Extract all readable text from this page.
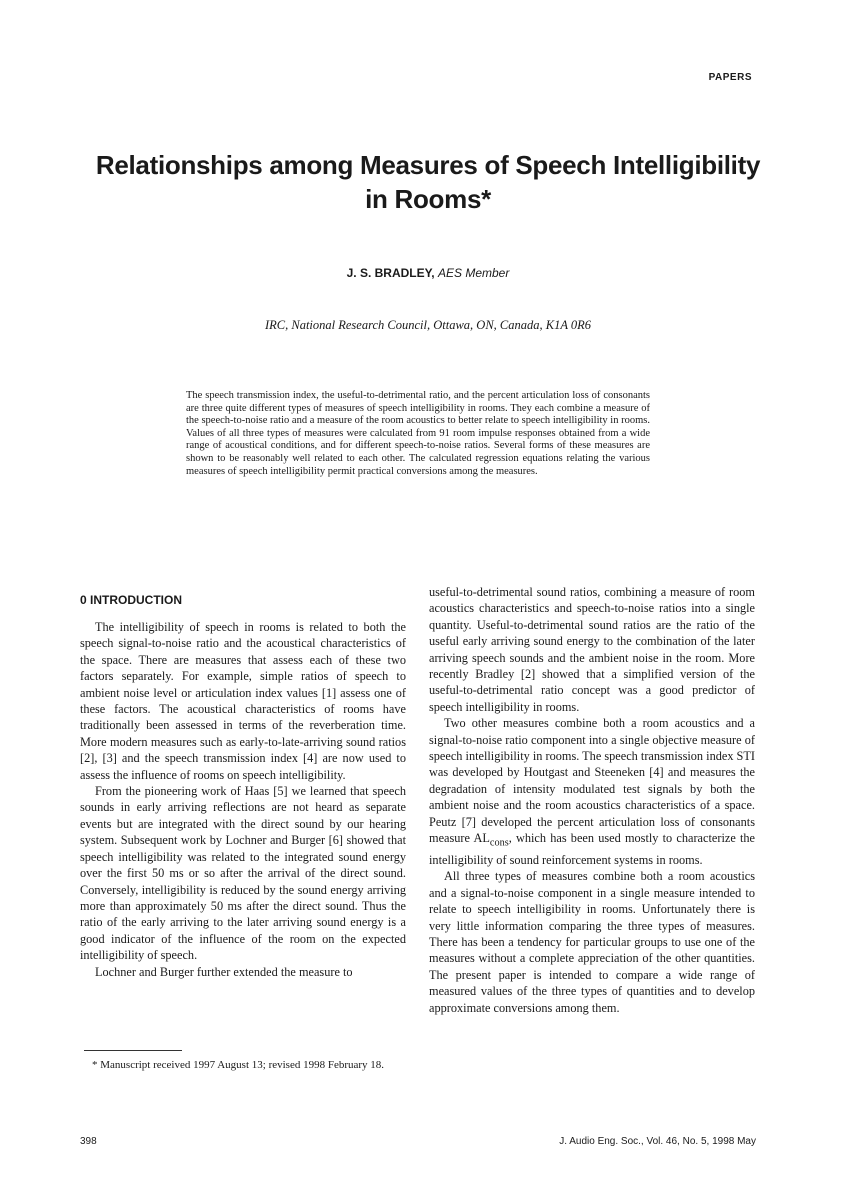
PAPERS
Relationships among Measures of Speech Intelligibility
in Rooms*
J. S. BRADLEY, AES Member
IRC, National Research Council, Ottawa, ON, Canada, K1A 0R6

The speech transmission index, the useful-to-detrimental ratio, and the percent articulation loss of consonants are three quite different types of measures of speech intelligibility in rooms. They each combine a measure of the speech-to-noise ratio and a measure of the room acoustics to better relate to speech intelligibility in rooms. Values of all three types of measures were calculated from 91 room impulse responses obtained from a wide range of acoustical conditions, and for different speech-to-noise ratios. Several forms of these measures are shown to be reasonably well related to each other. The calculated regression equations relating the various measures of speech intelligibility permit practical conversions among the measures.

0 INTRODUCTION

The intelligibility of speech in rooms is related to both the speech signal-to-noise ratio and the acoustical characteristics of the space. There are measures that assess each of these two factors separately. For example, simple ratios of speech to ambient noise level or articulation index values [1] assess one of these factors. The acoustical characteristics of rooms have traditionally been assessed in terms of the reverberation time. More modern measures such as early-to-late-arriving sound ratios [2], [3] and the speech transmission index [4] are now used to assess the influence of rooms on speech intelligibility.

From the pioneering work of Haas [5] we learned that speech sounds in early arriving reflections are not heard as separate events but are integrated with the direct sound by our hearing system. Subsequent work by Lochner and Burger [6] showed that speech intelligibility was related to the integrated sound energy over the first 50 ms or so after the arrival of the direct sound. Conversely, intelligibility is reduced by the sound energy arriving more than approximately 50 ms after the direct sound. Thus the ratio of the early arriving to the later arriving sound energy is a good indicator of the influence of the room on the expected intelligibility of speech.

Lochner and Burger further extended the measure to

useful-to-detrimental sound ratios, combining a measure of room acoustics characteristics and speech-to-noise ratios into a single quantity. Useful-to-detrimental sound ratios are the ratio of the useful early arriving sound energy to the combination of the later arriving speech sounds and the ambient noise in the room. More recently Bradley [2] showed that a simplified version of the useful-to-detrimental ratio concept was a good predictor of speech intelligibility in rooms.

Two other measures combine both a room acoustics and a signal-to-noise ratio component into a single objective measure of speech intelligibility in rooms. The speech transmission index STI was developed by Houtgast and Steeneken [4] and measures the degradation of intensity modulated test signals by both the ambient noise and the room acoustics characteristics of a space. Peutz [7] developed the percent articulation loss of consonants measure $AL_{cons}$, which has been used mostly to characterize the intelligibility of sound reinforcement systems in rooms.

All three types of measures combine both a room acoustics and a signal-to-noise component in a single measure intended to relate to speech intelligibility in rooms. Unfortunately there is very little information comparing the three types of measures. There has been a tendency for particular groups to use one of the measures without a complete appreciation of the other quantities. The present paper is intended to compare a wide range of measured values of the three types of quantities and to develop approximate conversions among them.

* Manuscript received 1997 August 13; revised 1998 February 18.

398	J. Audio Eng. Soc., Vol. 46, No. 5, 1998 May
